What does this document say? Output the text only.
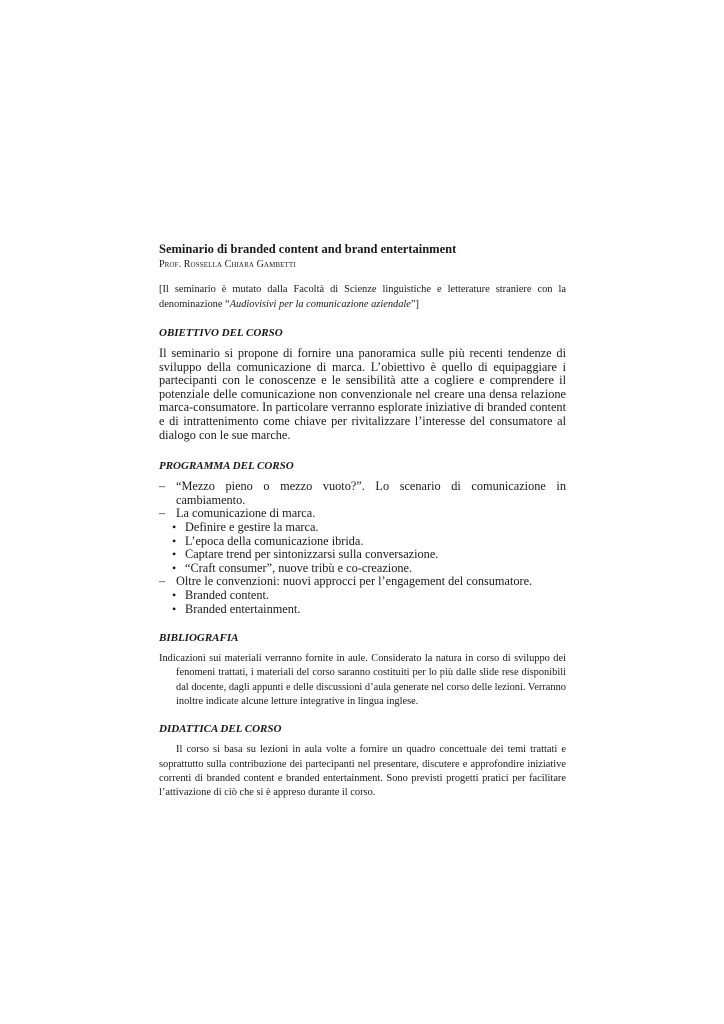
Seminario di branded content and brand entertainment

Prof. Rossella Chiara Gambetti

[Il seminario è mutato dalla Facoltà di Scienze linguistiche e letterature straniere con la denominazione “Audiovisivi per la comunicazione aziendale”]

OBIETTIVO DEL CORSO

Il seminario si propone di fornire una panoramica sulle più recenti tendenze di sviluppo della comunicazione di marca. L’obiettivo è quello di equipaggiare i partecipanti con le conoscenze e le sensibilità atte a cogliere e comprendere il potenziale delle comunicazione non convenzionale nel creare una densa relazione marca-consumatore. In particolare verranno esplorate iniziative di branded content e di intrattenimento come chiave per rivitalizzare l’interesse del consumatore al dialogo con le sue marche.

PROGRAMMA DEL CORSO
– “Mezzo pieno o mezzo vuoto?”. Lo scenario di comunicazione in cambiamento.
– La comunicazione di marca.
• Definire e gestire la marca.
• L’epoca della comunicazione ibrida.
• Captare trend per sintonizzarsi sulla conversazione.
• “Craft consumer”, nuove tribù e co-creazione.
– Oltre le convenzioni: nuovi approcci per l’engagement del consumatore.
• Branded content.
• Branded entertainment.
BIBLIOGRAFIA

Indicazioni sui materiali verranno fornite in aule. Considerato la natura in corso di sviluppo dei fenomeni trattati, i materiali del corso saranno costituiti per lo più dalle slide rese disponibili dal docente, dagli appunti e delle discussioni d’aula generate nel corso delle lezioni. Verranno inoltre indicate alcune letture integrative in lingua inglese.

DIDATTICA DEL CORSO

Il corso si basa su lezioni in aula volte a fornire un quadro concettuale dei temi trattati e soprattutto sulla contribuzione dei partecipanti nel presentare, discutere e approfondire iniziative correnti di branded content e branded entertainment. Sono previsti progetti pratici per facilitare l’attivazione di ciò che si è appreso durante il corso.
